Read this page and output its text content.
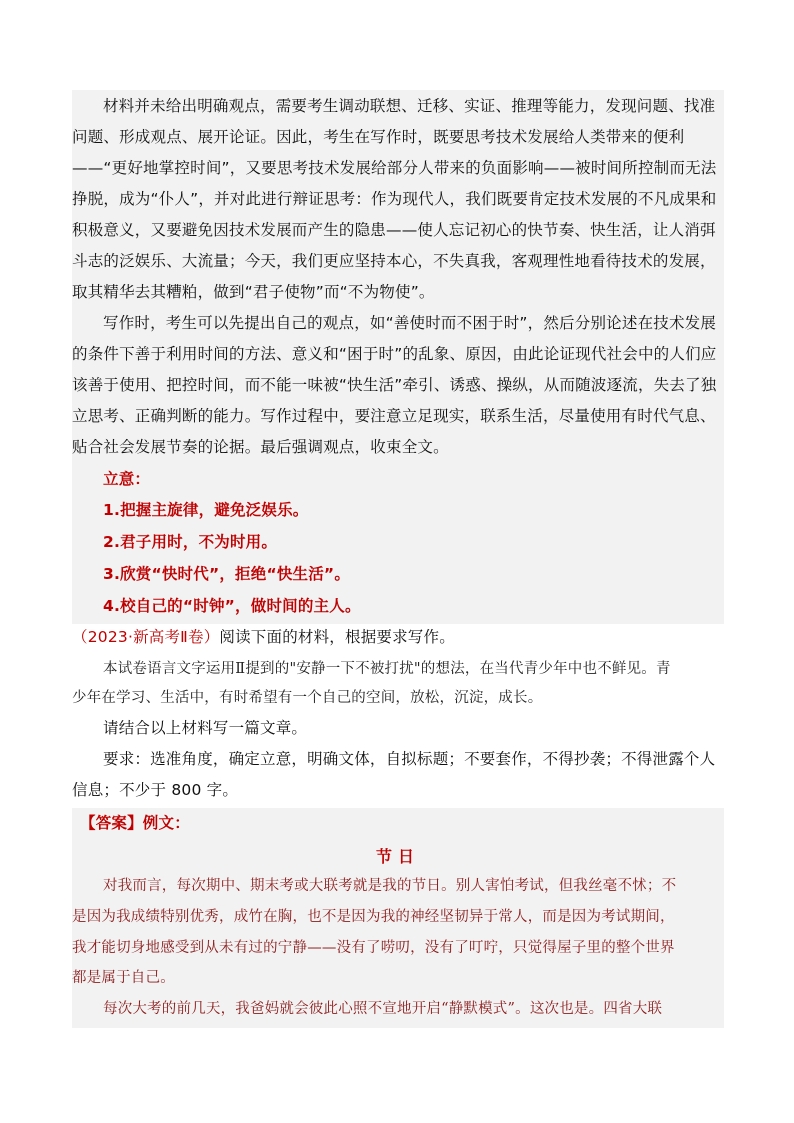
材料并未给出明确观点，需要考生调动联想、迁移、实证、推理等能力，发现问题、找准
问题、形成观点、展开论证。因此，考生在写作时，既要思考技术发展给人类带来的便利
——“更好地掌控时间”，又要思考技术发展给部分人带来的负面影响——被时间所控制而无法
挣脱，成为“仆人”，并对此进行辩证思考：作为现代人，我们既要肯定技术发展的不凡成果和
积极意义，又要避免因技术发展而产生的隐患——使人忘记初心的快节奏、快生活，让人消弭
斗志的泛娱乐、大流量；今天，我们更应坚持本心，不失真我，客观理性地看待技术的发展，
取其精华去其糟粕，做到“君子使物”而“不为物使”。
写作时，考生可以先提出自己的观点，如“善使时而不困于时”，然后分别论述在技术发展
的条件下善于利用时间的方法、意义和“困于时”的乱象、原因，由此论证现代社会中的人们应
该善于使用、把控时间，而不能一味被“快生活”牵引、诱惑、操纵，从而随波逐流，失去了独
立思考、正确判断的能力。写作过程中，要注意立足现实，联系生活，尽量使用有时代气息、
贴合社会发展节奏的论据。最后强调观点，收束全文。
立意：
1.把握主旋律，避免泛娱乐。
2.君子用时，不为时用。
3.欣赏“快时代”，拒绝“快生活”。
4.校自己的“时钟”，做时间的主人。
（2023·新高考Ⅱ卷）阅读下面的材料，根据要求写作。
本试卷语言文字运用Ⅱ提到的"安静一下不被打扰"的想法，在当代青少年中也不鲜见。青
少年在学习、生活中，有时希望有一个自己的空间，放松，沉淀，成长。
请结合以上材料写一篇文章。
要求：选准角度，确定立意，明确文体，自拟标题；不要套作，不得抄袭；不得泄露个人
信息；不少于 800 字。
【答案】例文：
节日
对我而言，每次期中、期末考或大联考就是我的节日。别人害怕考试，但我丝毫不怵；不
是因为我成绩特别优秀，成竹在胸，也不是因为我的神经坚韧异于常人，而是因为考试期间，
我才能切身地感受到从未有过的宁静——没有了唠叨，没有了叮咛，只觉得屋子里的整个世界
都是属于自己。
每次大考的前几天，我爸妈就会彼此心照不宣地开启“静默模式”。这次也是。四省大联
